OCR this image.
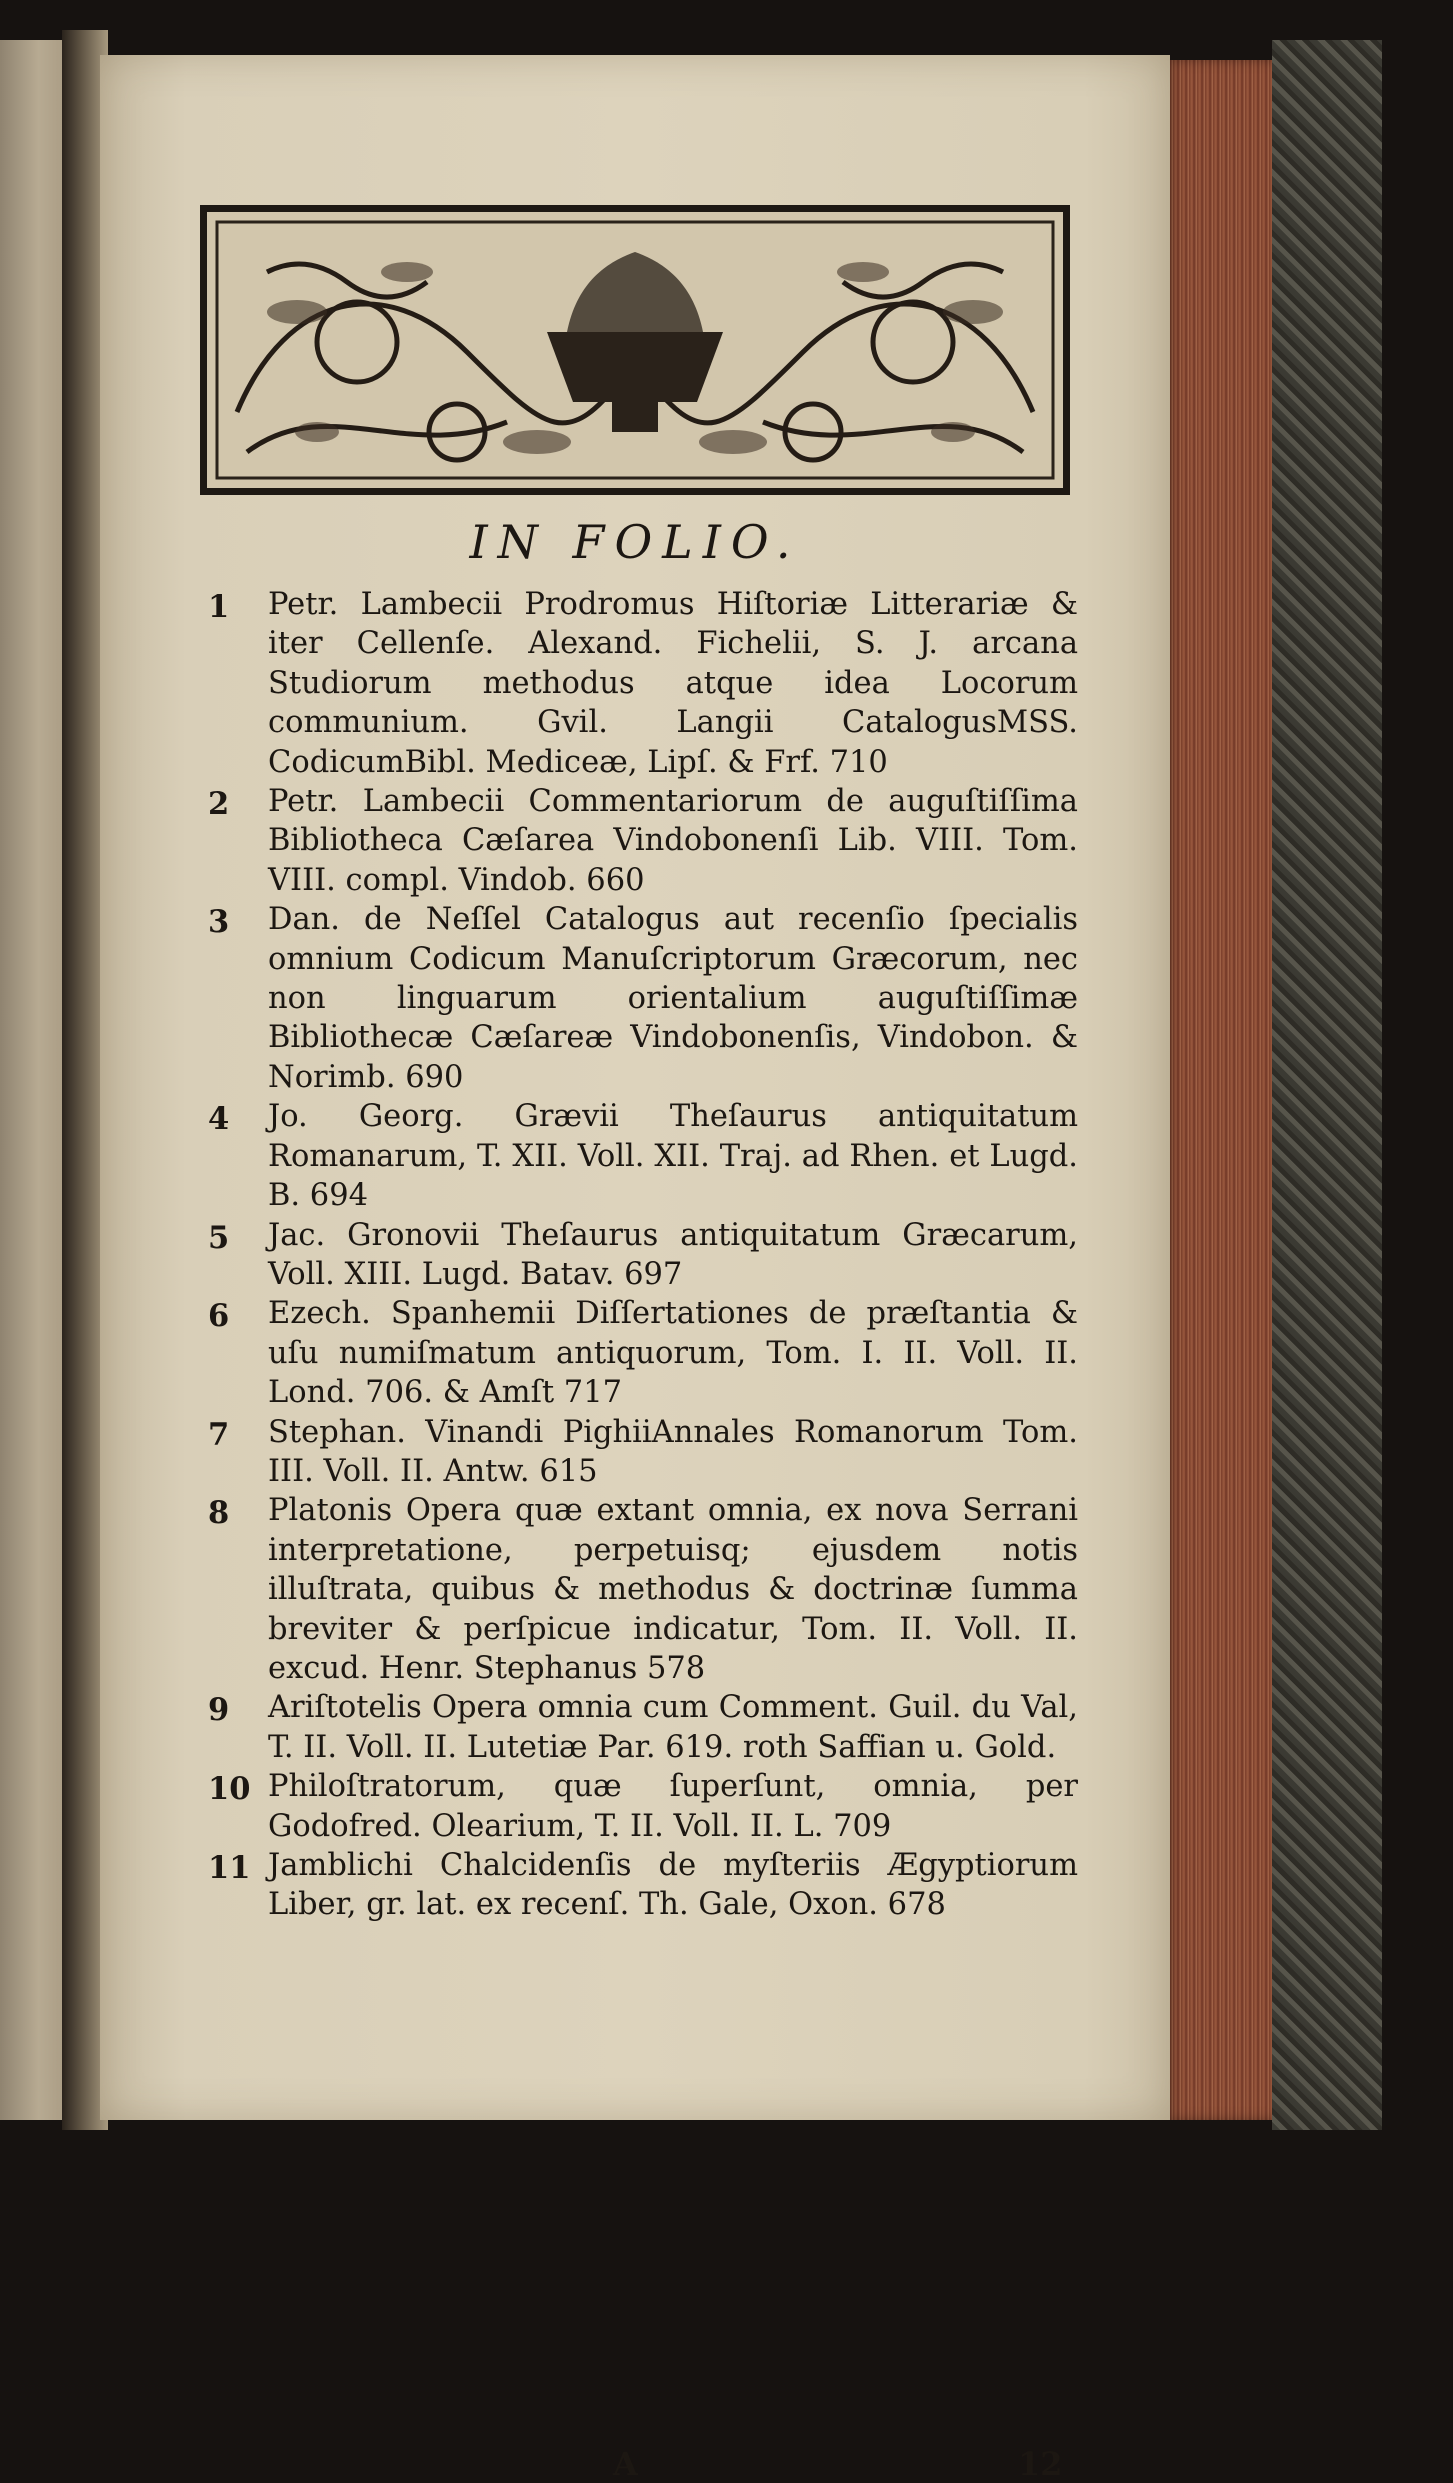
IN FOLIO.
1	Petr. Lambecii Prodromus Hiſtoriæ Litterariæ & iter Cellenſe. Alexand. Fichelii, S. J. arcana Studiorum methodus atque idea Locorum communium. Gvil. Langii CatalogusMSS. CodicumBibl. Mediceæ, Lipſ. & Frf. 710
2	Petr. Lambecii Commentariorum de auguſtiſſima Bibliotheca Cæſarea Vindobonenſi Lib. VIII. Tom. VIII. compl. Vindob. 660
3	Dan. de Neſſel Catalogus aut recenſio ſpecialis omnium Codicum Manuſcriptorum Græcorum, nec non linguarum orientalium auguſtiſſimæ Bibliothecæ Cæſareæ Vindobonenſis, Vindobon. & Norimb. 690
4	Jo. Georg. Grævii Theſaurus antiquitatum Romanarum, T. XII. Voll. XII. Traj. ad Rhen. et Lugd. B. 694
5	Jac. Gronovii Theſaurus antiquitatum Græcarum, Voll. XIII. Lugd. Batav. 697
6	Ezech. Spanhemii Diſſertationes de præſtantia & uſu numiſmatum antiquorum, Tom. I. II. Voll. II. Lond. 706. & Amſt 717
7	Stephan. Vinandi PighiiAnnales Romanorum Tom. III. Voll. II. Antw. 615
8	Platonis Opera quæ extant omnia, ex nova Serrani interpretatione, perpetuisq; ejusdem notis illuſtrata, quibus & methodus & doctrinæ ſumma breviter & perſpicue indicatur, Tom. II. Voll. II. excud. Henr. Stephanus 578
9	Ariſtotelis Opera omnia cum Comment. Guil. du Val, T. II. Voll. II. Lutetiæ Par. 619. roth Saffian u. Gold.
10 Philoſtratorum, quæ ſuperſunt, omnia, per Godofred. Olearium, T. II. Voll. II. L. 709
11 Jamblichi Chalcidenſis de myſteriis Ægyptiorum Liber, gr. lat. ex recenſ. Th. Gale, Oxon. 678
A	12
